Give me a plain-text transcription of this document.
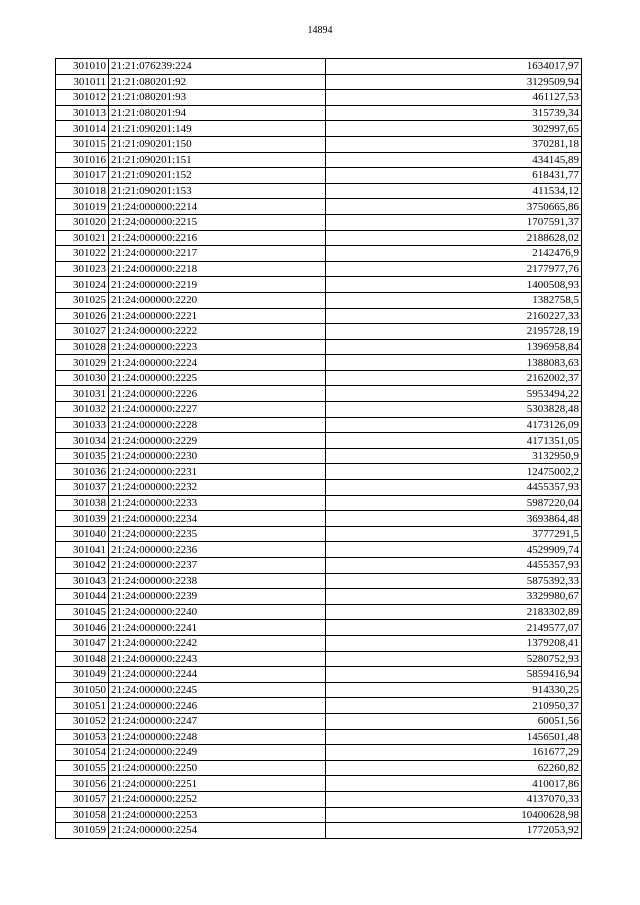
14894
301010	21:21:076239:224	1634017,97
301011	21:21:080201:92	3129509,94
301012	21:21:080201:93	461127,53
301013	21:21:080201:94	315739,34
301014	21:21:090201:149	302997,65
301015	21:21:090201:150	370281,18
301016	21:21:090201:151	434145,89
301017	21:21:090201:152	618431,77
301018	21:21:090201:153	411534,12
301019	21:24:000000:2214	3750665,86
301020	21:24:000000:2215	1707591,37
301021	21:24:000000:2216	2188628,02
301022	21:24:000000:2217	2142476,9
301023	21:24:000000:2218	2177977,76
301024	21:24:000000:2219	1400508,93
301025	21:24:000000:2220	1382758,5
301026	21:24:000000:2221	2160227,33
301027	21:24:000000:2222	2195728,19
301028	21:24:000000:2223	1396958,84
301029	21:24:000000:2224	1388083,63
301030	21:24:000000:2225	2162002,37
301031	21:24:000000:2226	5953494,22
301032	21:24:000000:2227	5303828,48
301033	21:24:000000:2228	4173126,09
301034	21:24:000000:2229	4171351,05
301035	21:24:000000:2230	3132950,9
301036	21:24:000000:2231	12475002,2
301037	21:24:000000:2232	4455357,93
301038	21:24:000000:2233	5987220,04
301039	21:24:000000:2234	3693864,48
301040	21:24:000000:2235	3777291,5
301041	21:24:000000:2236	4529909,74
301042	21:24:000000:2237	4455357,93
301043	21:24:000000:2238	5875392,33
301044	21:24:000000:2239	3329980,67
301045	21:24:000000:2240	2183302,89
301046	21:24:000000:2241	2149577,07
301047	21:24:000000:2242	1379208,41
301048	21:24:000000:2243	5280752,93
301049	21:24:000000:2244	5859416,94
301050	21:24:000000:2245	914330,25
301051	21:24:000000:2246	210950,37
301052	21:24:000000:2247	60051,56
301053	21:24:000000:2248	1456501,48
301054	21:24:000000:2249	161677,29
301055	21:24:000000:2250	62260,82
301056	21:24:000000:2251	410017,86
301057	21:24:000000:2252	4137070,33
301058	21:24:000000:2253	10400628,98
301059	21:24:000000:2254	1772053,92
